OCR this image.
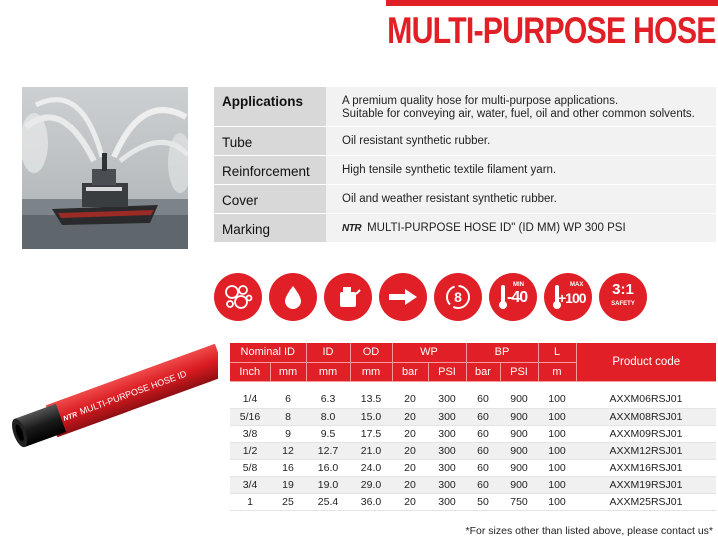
MULTI-PURPOSE HOSE
Applications	A premium quality hose for multi-purpose applications.
Suitable for conveying air, water, fuel, oil and other common solvents.
Tube	Oil resistant synthetic rubber.
Reinforcement	High tensile synthetic textile filament yarn.
Cover	Oil and weather resistant synthetic rubber.
Marking	NTR MULTI-PURPOSE HOSE ID" (ID MM) WP 300 PSI
8
MIN
-40
MAX
+100 3:1
SAFETY
MULTI-PURPOSE HOSE ID
NTR
Nominal ID		ID	OD	WP		BP		L	Product code
Inch	mm	mm	mm	bar	PSI	bar	PSI	m	

1/4	6	6.3	13.5	20	300	60	900	100	AXXM06RSJ01
5/16	8	8.0	15.0	20	300	60	900	100	AXXM08RSJ01
3/8	9	9.5	17.5	20	300	60	900	100	AXXM09RSJ01
1/2	12	12.7	21.0	20	300	60	900	100	AXXM12RSJ01
5/8	16	16.0	24.0	20	300	60	900	100	AXXM16RSJ01
3/4	19	19.0	29.0	20	300	60	900	100	AXXM19RSJ01
1	25	25.4	36.0	20	300	50	750	100	AXXM25RSJ01
*For sizes other than listed above, please contact us*
